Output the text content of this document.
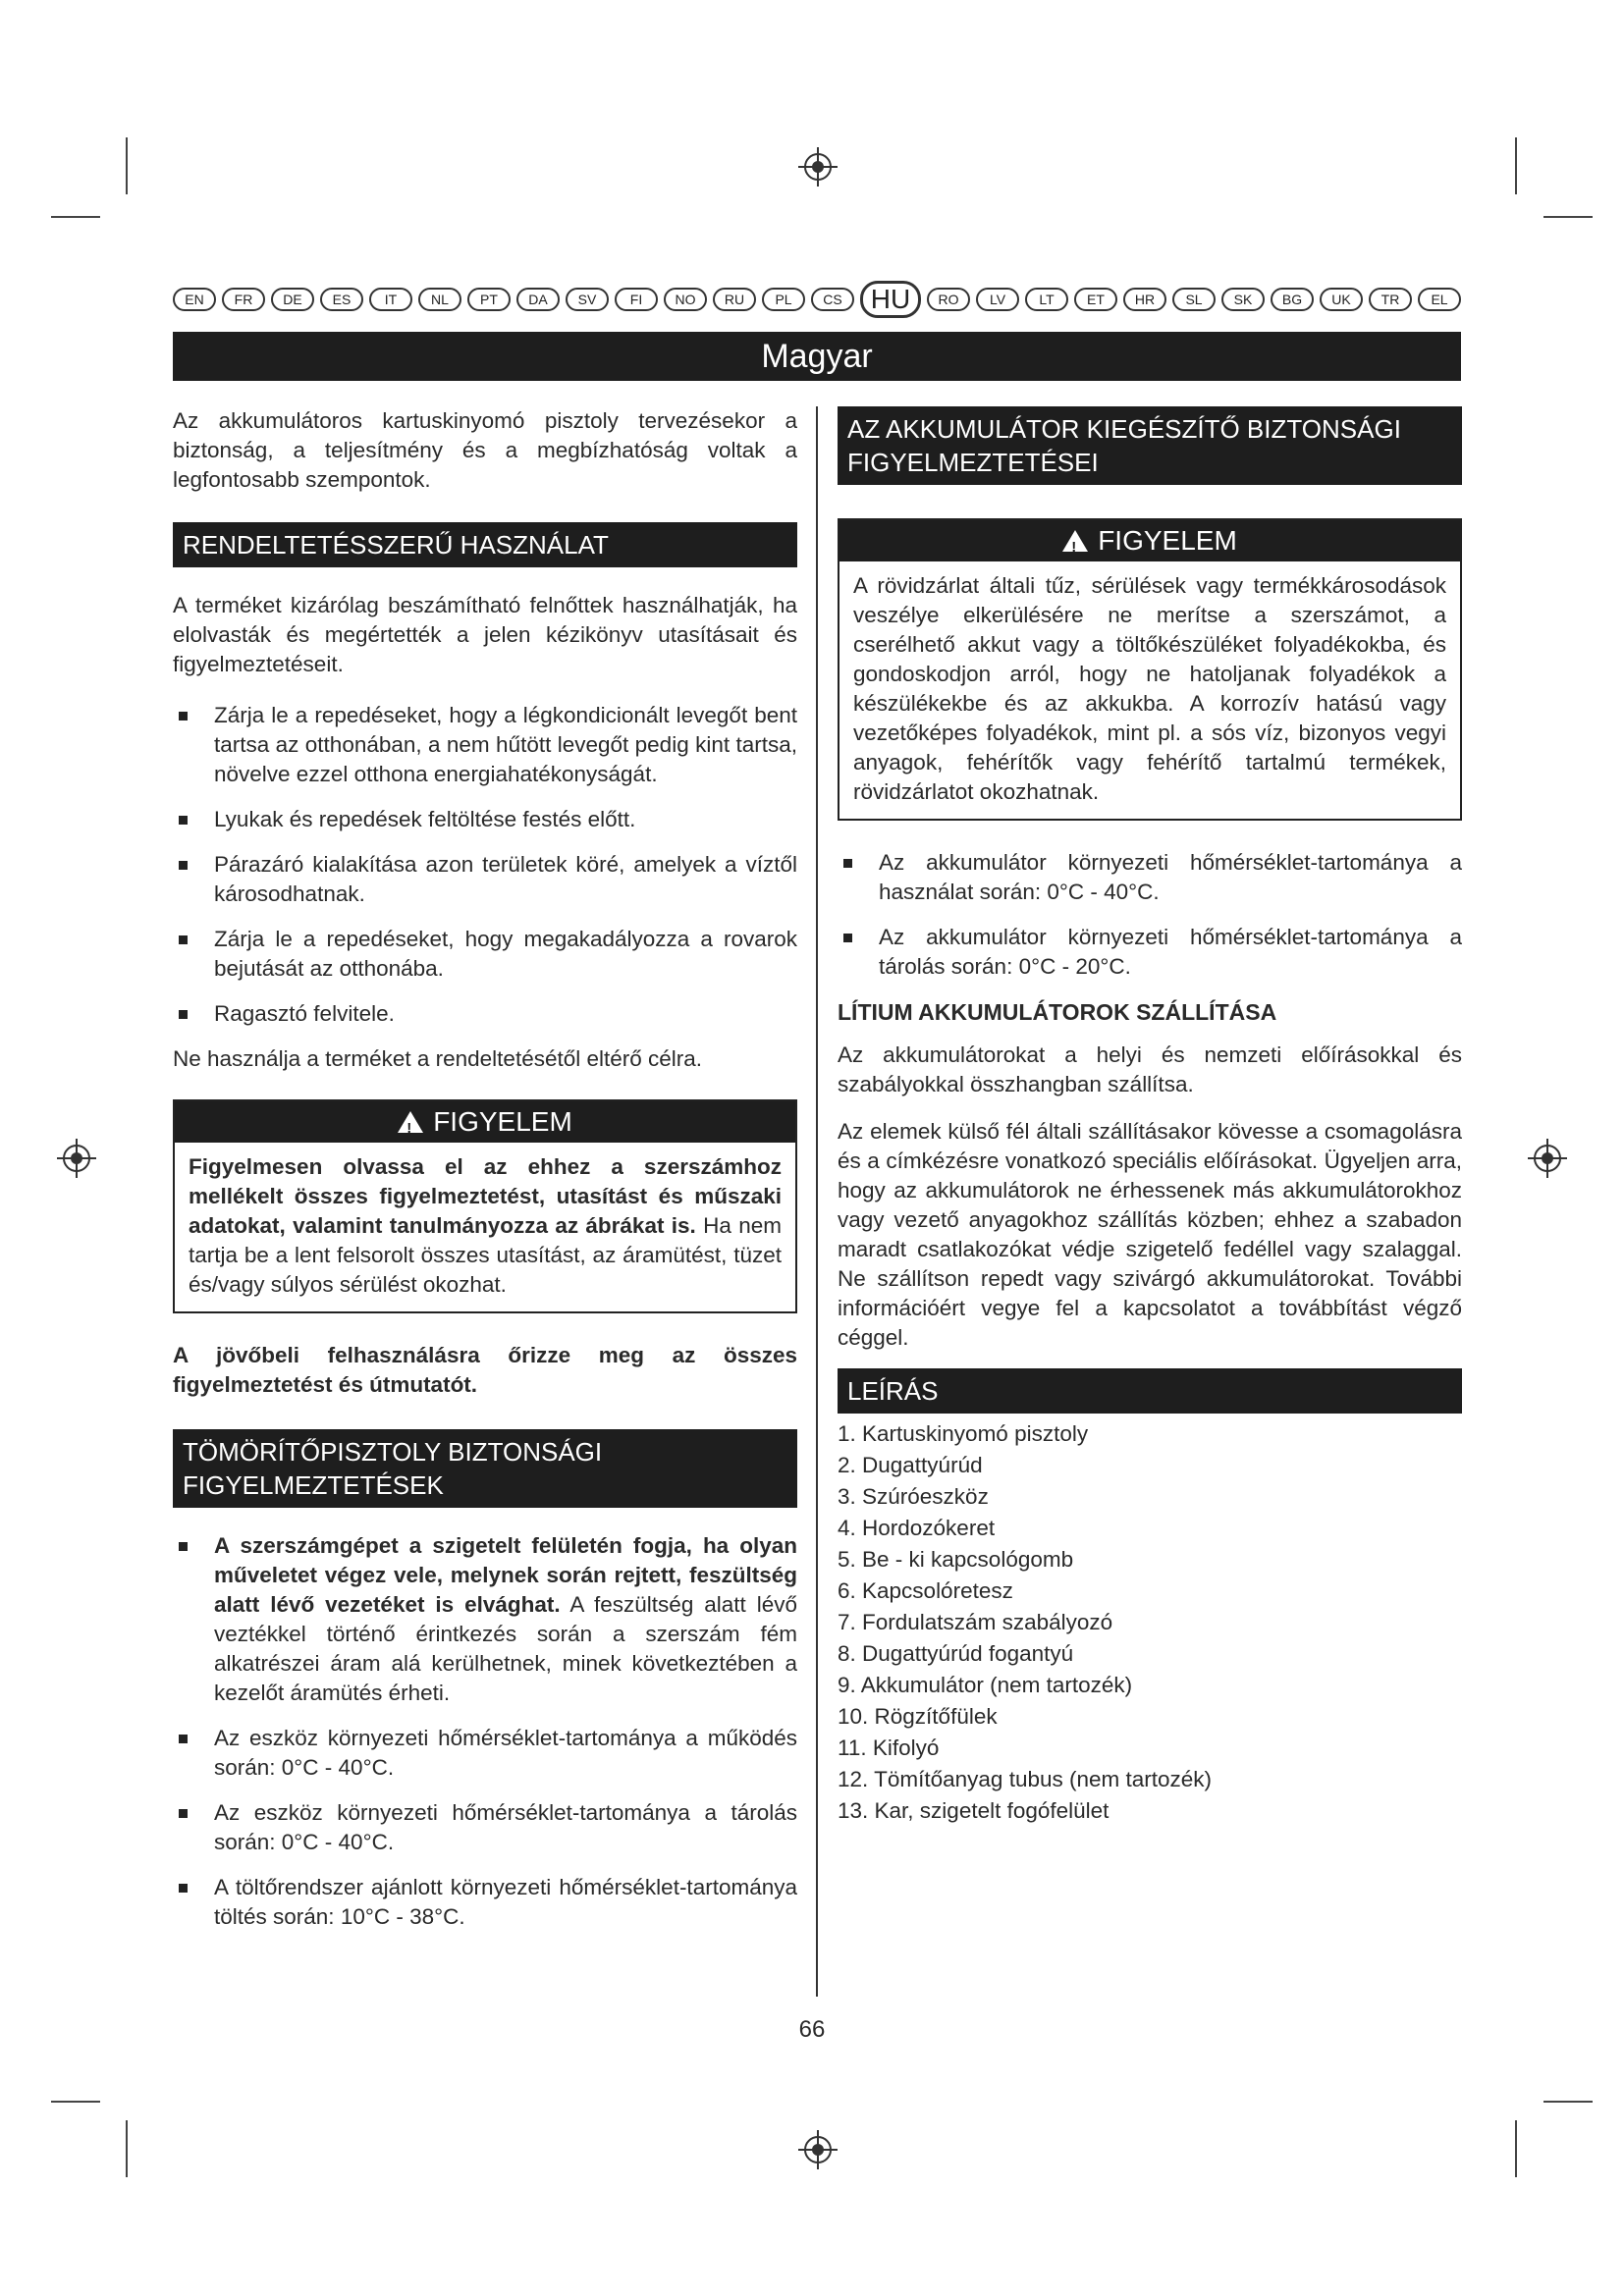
EN	FR	DE	ES	IT	NL	PT	DA	SV	FI	NO	RU	PL	CS	HU	RO	LV	LT	ET	HR	SL	SK	BG	UK	TR	EL
Magyar

Az akkumulátoros kartuskinyomó pisztoly tervezésekor a biztonság, a teljesítmény és a megbízhatóság voltak a legfontosabb szempontok.

RENDELTETÉSSZERŰ HASZNÁLAT

A terméket kizárólag beszámítható felnőttek használhatják, ha elolvasták és megértették a jelen kézikönyv utasításait és figyelmeztetéseit.

Zárja le a repedéseket, hogy a légkondicionált levegőt bent tartsa az otthonában, a nem hűtött levegőt pedig kint tartsa, növelve ezzel otthona energiahatékonyságát.
Lyukak és repedések feltöltése festés előtt.
Párazáró kialakítása azon területek köré, amelyek a víztől károsodhatnak.
Zárja le a repedéseket, hogy megakadályozza a rovarok bejutását az otthonába.
Ragasztó felvitele.

Ne használja a terméket a rendeltetésétől eltérő célra.

!
FIGYELEM
Figyelmesen olvassa el az ehhez a szerszámhoz mellékelt összes figyelmeztetést, utasítást és műszaki adatokat, valamint tanulmányozza az ábrákat is. Ha nem tartja be a lent felsorolt összes utasítást, az áramütést, tüzet és/vagy súlyos sérülést okozhat.

A jövőbeli felhasználásra őrizze meg az összes figyelmeztetést és útmutatót.

TÖMÖRÍTŐPISZTOLY BIZTONSÁGI FIGYELMEZTETÉSEK
A szerszámgépet a szigetelt felületén fogja, ha olyan műveletet végez vele, melynek során rejtett, feszültség alatt lévő vezetéket is elvághat. A feszültség alatt lévő veztékkel történő érintkezés során a szerszám fém alkatrészei áram alá kerülhetnek, minek következtében a kezelőt áramütés érheti.
Az eszköz környezeti hőmérséklet-tartománya a működés során: 0°C - 40°C.
Az eszköz környezeti hőmérséklet-tartománya a tárolás során: 0°C - 40°C.
A töltőrendszer ajánlott környezeti hőmérséklet-tartománya töltés során: 10°C - 38°C.
AZ AKKUMULÁTOR KIEGÉSZÍTŐ BIZTONSÁGI FIGYELMEZTETÉSEI
!
FIGYELEM
A rövidzárlat általi tűz, sérülések vagy termékkárosodások veszélye elkerülésére ne merítse a szerszámot, a cserélhető akkut vagy a töltőkészüléket folyadékokba, és gondoskodjon arról, hogy ne hatoljanak folyadékok a készülékekbe és az akkukba. A korrozív hatású vagy vezetőképes folyadékok, mint pl. a sós víz, bizonyos vegyi anyagok, fehérítők vagy fehérítő tartalmú termékek, rövidzárlatot okozhatnak.
Az akkumulátor környezeti hőmérséklet-tartománya a használat során: 0°C - 40°C.
Az akkumulátor környezeti hőmérséklet-tartománya a tárolás során: 0°C - 20°C.
LÍTIUM AKKUMULÁTOROK SZÁLLÍTÁSA

Az akkumulátorokat a helyi és nemzeti előírásokkal és szabályokkal összhangban szállítsa.

Az elemek külső fél általi szállításakor kövesse a csomagolásra és a címkézésre vonatkozó speciális előírásokat. Ügyeljen arra, hogy az akkumulátorok ne érhessenek más akkumulátorokhoz vagy vezető anyagokhoz szállítás közben; ehhez a szabadon maradt csatlakozókat védje szigetelő fedéllel vagy szalaggal. Ne szállítson repedt vagy szivárgó akkumulátorokat. További információért vegye fel a kapcsolatot a továbbítást végző céggel.

LEÍRÁS
1. Kartuskinyomó pisztoly
2. Dugattyúrúd
3. Szúróeszköz
4. Hordozókeret
5. Be - ki kapcsológomb
6. Kapcsolóretesz
7. Fordulatszám szabályozó
8. Dugattyúrúd fogantyú
9. Akkumulátor (nem tartozék)
10. Rögzítőfülek
11. Kifolyó
12. Tömítőanyag tubus (nem tartozék)
13. Kar, szigetelt fogófelület
66
